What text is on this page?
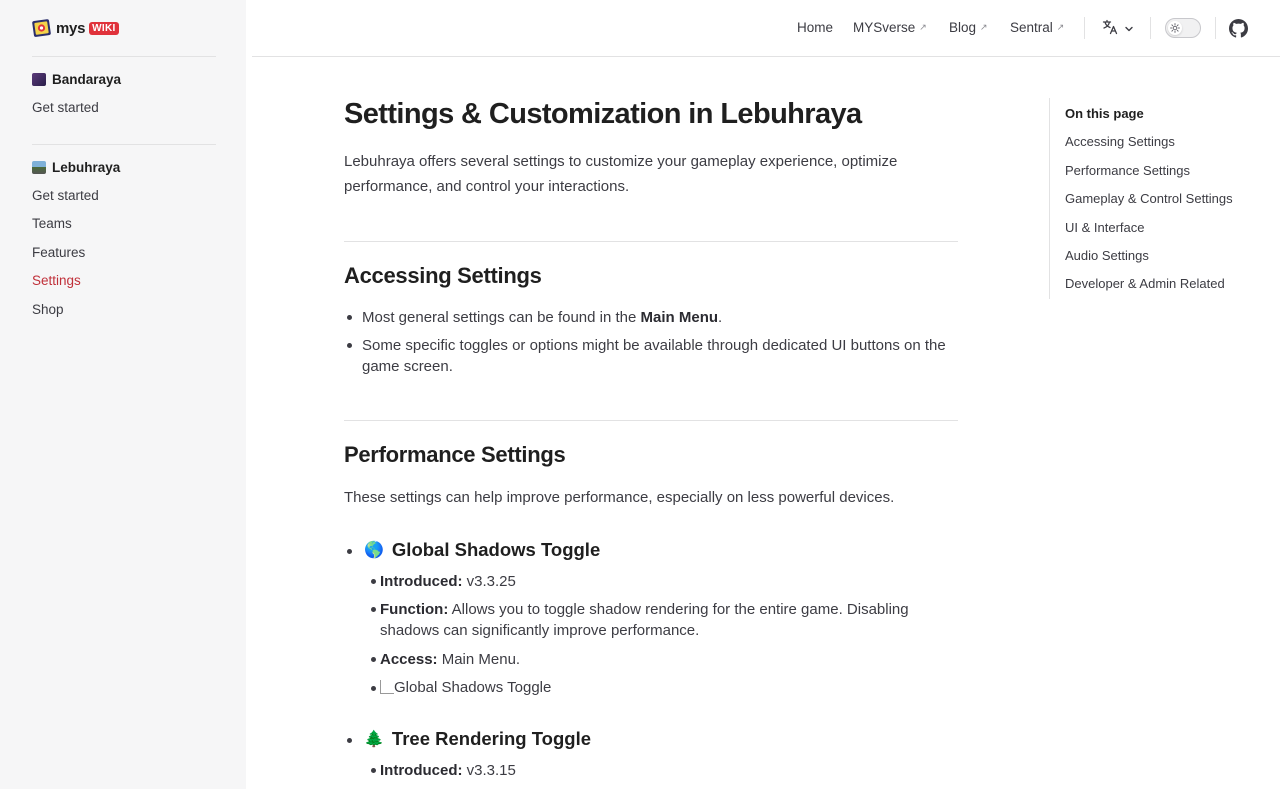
mys WIKI
Bandaraya
Get started
Lebuhraya
Get started
Teams
Features
Settings
Shop
Home MYSverse ↗ Blog ↗ Sentral ↗
Settings & Customization in Lebuhraya

Lebuhraya offers several settings to customize your gameplay experience, optimize performance, and control your interactions.

Accessing Settings
Most general settings can be found in the Main Menu.
Some specific toggles or options might be available through dedicated UI buttons on the game screen.
Performance Settings

These settings can help improve performance, especially on less powerful devices.

🌎 Global Shadows Toggle
Introduced: v3.3.25
Function: Allows you to toggle shadow rendering for the entire game. Disabling shadows can significantly improve performance.
Access: Main Menu.
Global Shadows Toggle
🌲 Tree Rendering Toggle
Introduced: v3.3.15
On this page
Accessing Settings
Performance Settings
Gameplay & Control Settings
UI & Interface
Audio Settings
Developer & Admin Related
